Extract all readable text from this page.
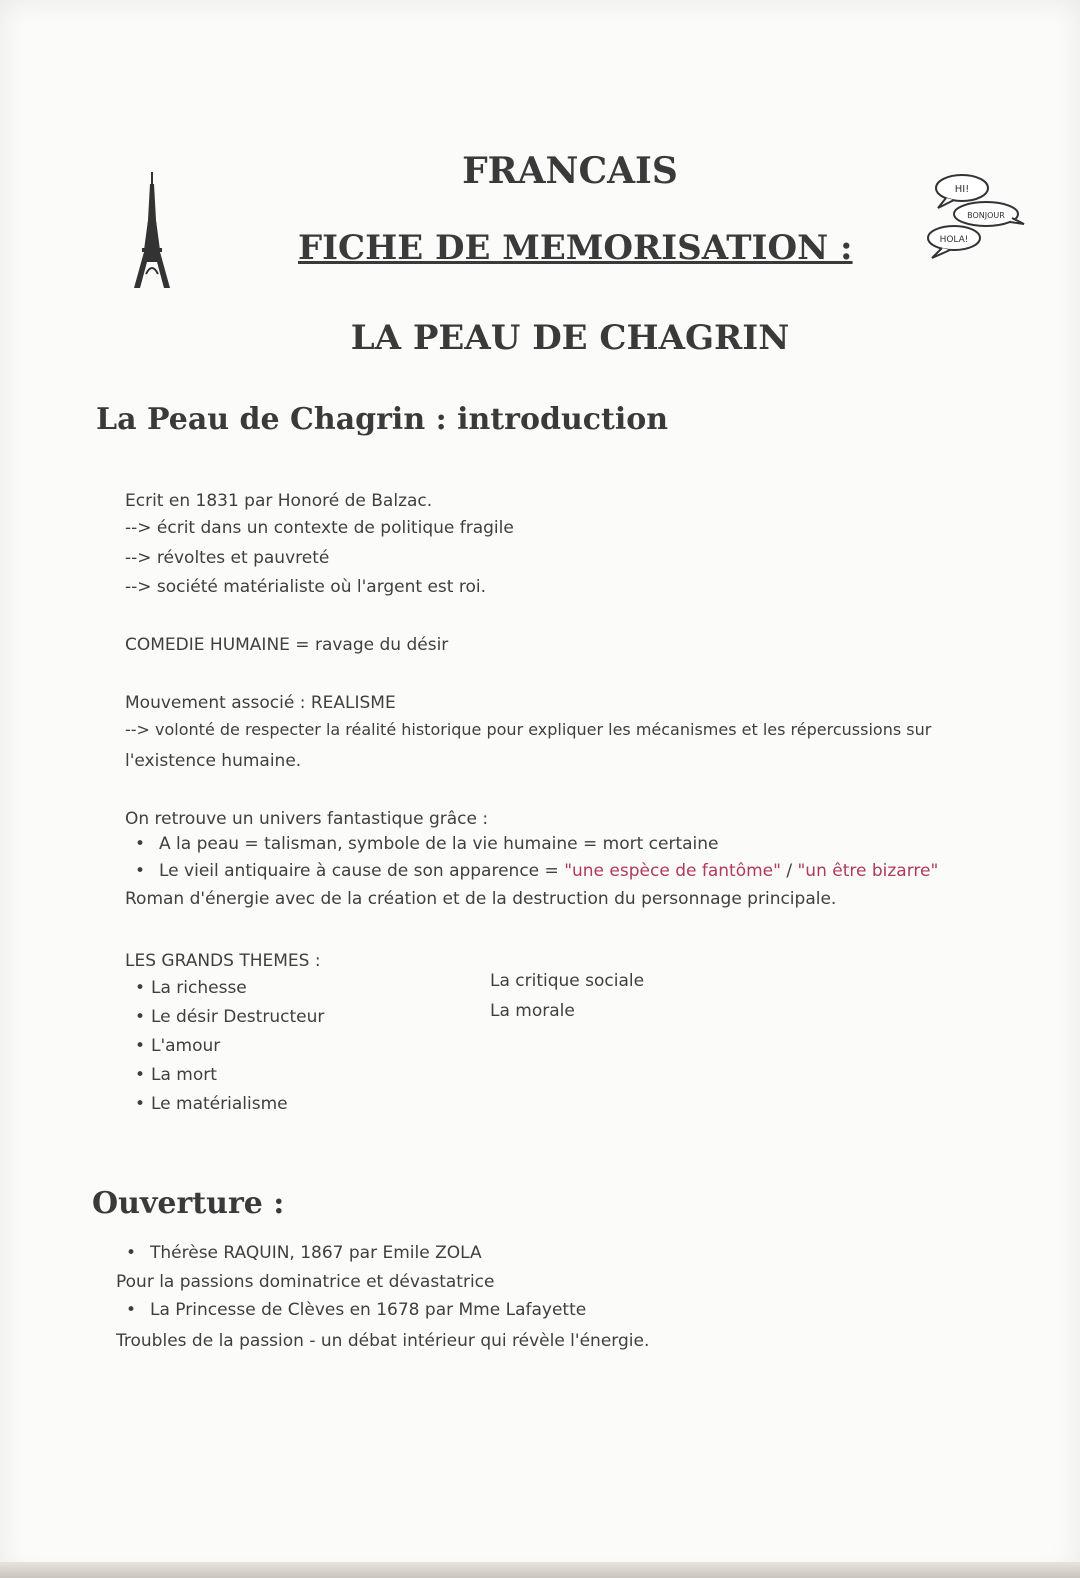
HI!
BONJOUR
HOLA!
FRANCAIS
FICHE DE MEMORISATION :
LA PEAU DE CHAGRIN
La Peau de Chagrin : introduction
Ecrit en 1831 par Honoré de Balzac.
--> écrit dans un contexte de politique fragile
--> révoltes et pauvreté
--> société matérialiste où l'argent est roi.
COMEDIE HUMAINE = ravage du désir
Mouvement associé : REALISME
--> volonté de respecter la réalité historique pour expliquer les mécanismes et les répercussions sur
l'existence humaine.
On retrouve un univers fantastique grâce :
• A la peau = talisman, symbole de la vie humaine = mort certaine
• Le vieil antiquaire à cause de son apparence = "une espèce de fantôme" / "un être bizarre"
Roman d'énergie avec de la création et de la destruction du personnage principale.
LES GRANDS THEMES :
• La richesse
• Le désir Destructeur
• L'amour
• La mort
• Le matérialisme
La critique sociale
La morale
Ouverture :
• Thérèse RAQUIN, 1867 par Emile ZOLA
Pour la passions dominatrice et dévastatrice
• La Princesse de Clèves en 1678 par Mme Lafayette
Troubles de la passion - un débat intérieur qui révèle l'énergie.
